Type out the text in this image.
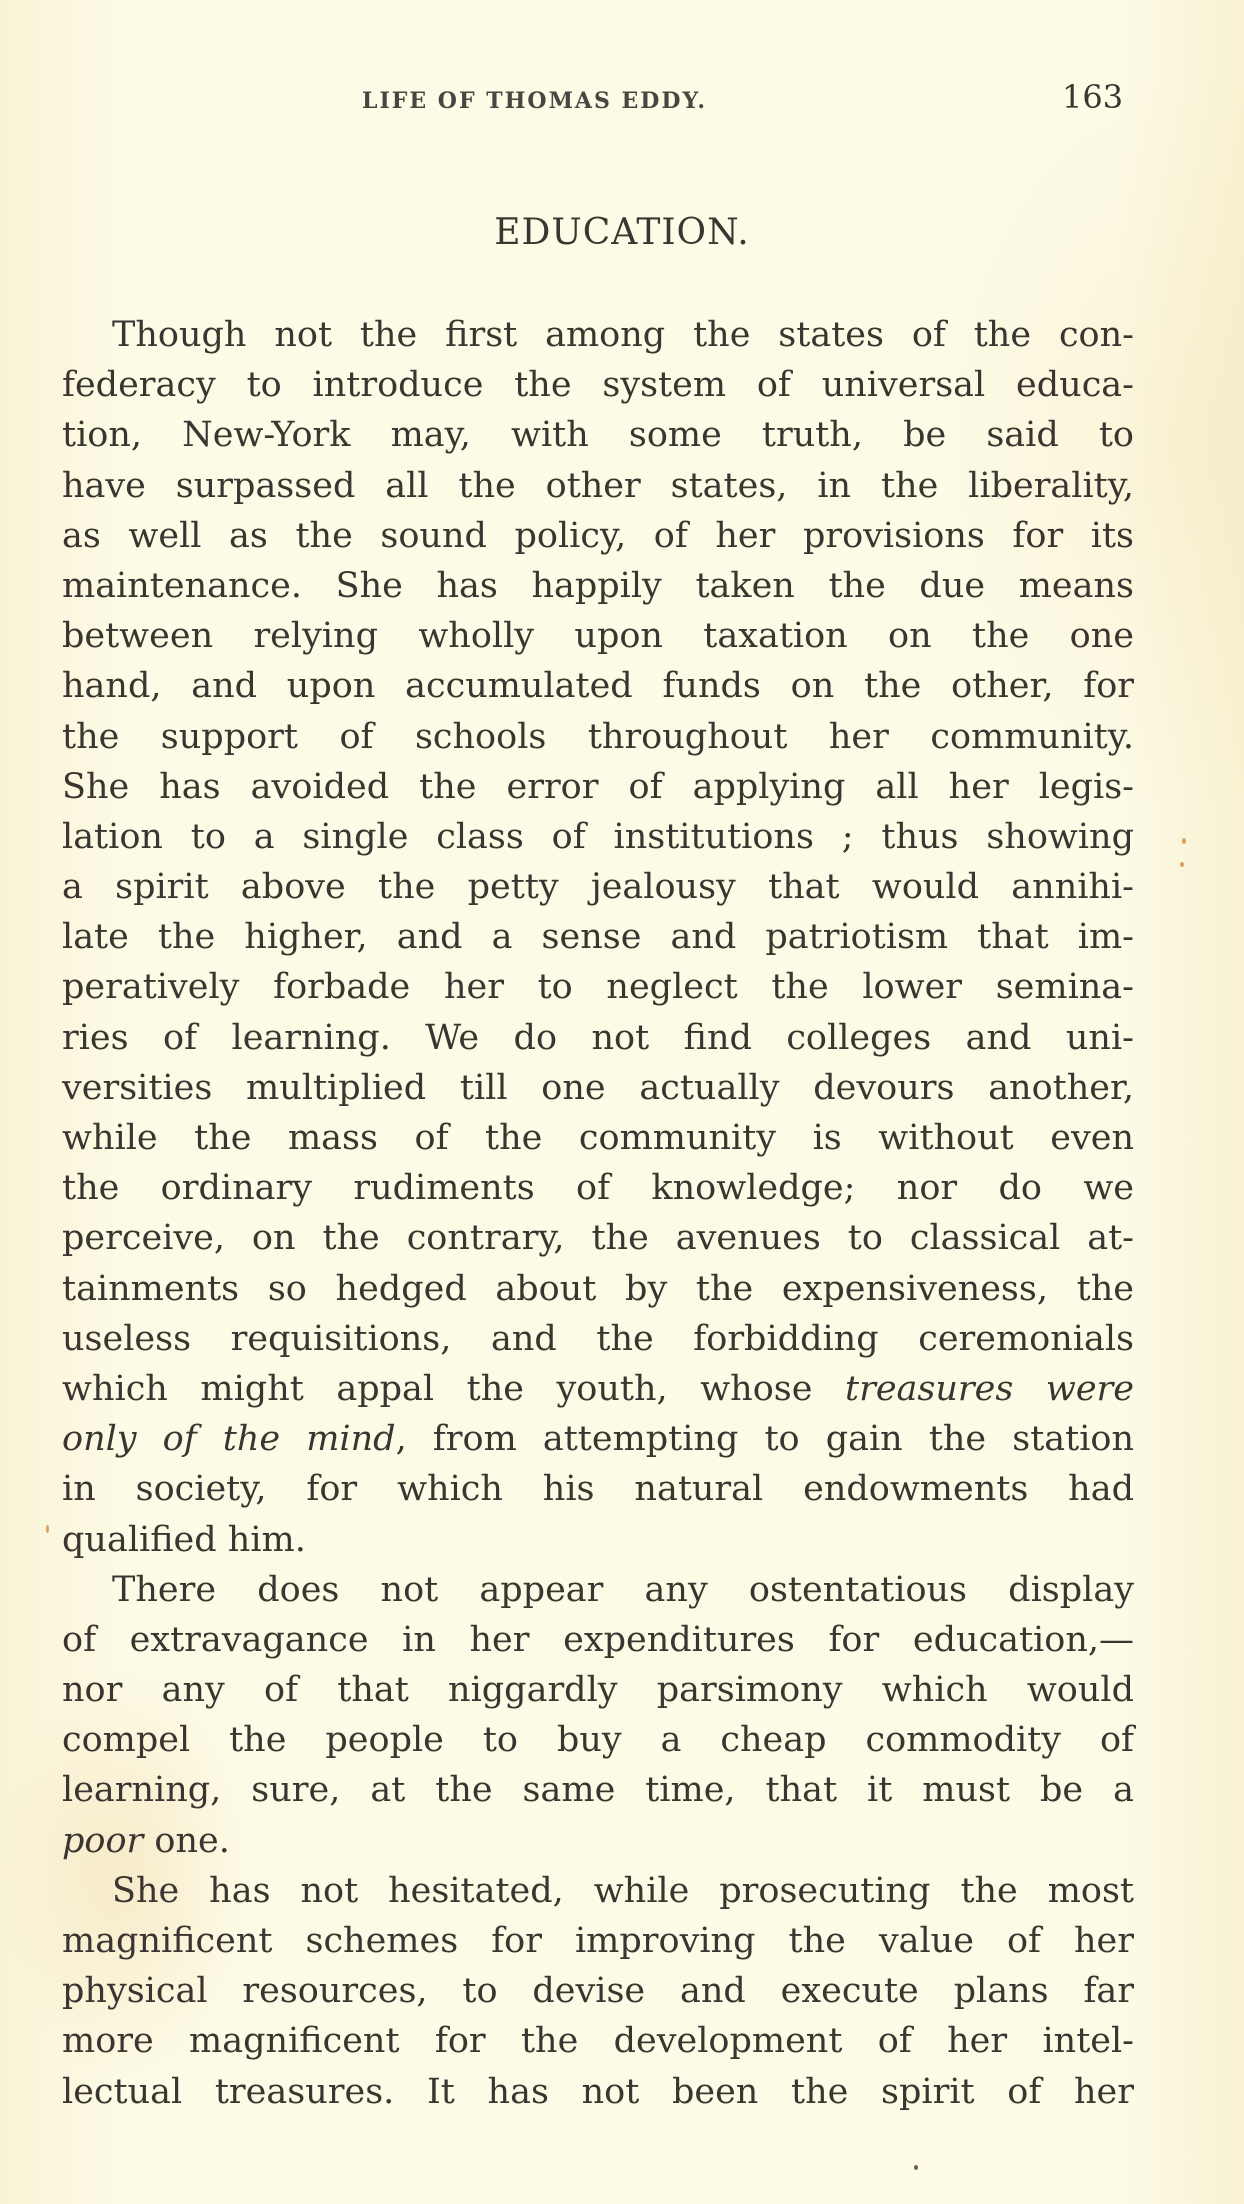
LIFE OF THOMAS EDDY.	163
EDUCATION.
Though not the first among the states of the con-
federacy to introduce the system of universal educa-
tion, New-York may, with some truth, be said to
have surpassed all the other states, in the liberality,
as well as the sound policy, of her provisions for its
maintenance. She has happily taken the due means
between relying wholly upon taxation on the one
hand, and upon accumulated funds on the other, for
the support of schools throughout her community.
She has avoided the error of applying all her legis-
lation to a single class of institutions ; thus showing
a spirit above the petty jealousy that would annihi-
late the higher, and a sense and patriotism that im-
peratively forbade her to neglect the lower semina-
ries of learning. We do not find colleges and uni-
versities multiplied till one actually devours another,
while the mass of the community is without even
the ordinary rudiments of knowledge; nor do we
perceive, on the contrary, the avenues to classical at-
tainments so hedged about by the expensiveness, the
useless requisitions, and the forbidding ceremonials
which might appal the youth, whose treasures were
only of the mind, from attempting to gain the station
in society, for which his natural endowments had
qualified him.
There does not appear any ostentatious display
of extravagance in her expenditures for education,—
nor any of that niggardly parsimony which would
compel the people to buy a cheap commodity of
learning, sure, at the same time, that it must be a
poor one.
She has not hesitated, while prosecuting the most
magnificent schemes for improving the value of her
physical resources, to devise and execute plans far
more magnificent for the development of her intel-
lectual treasures. It has not been the spirit of her
